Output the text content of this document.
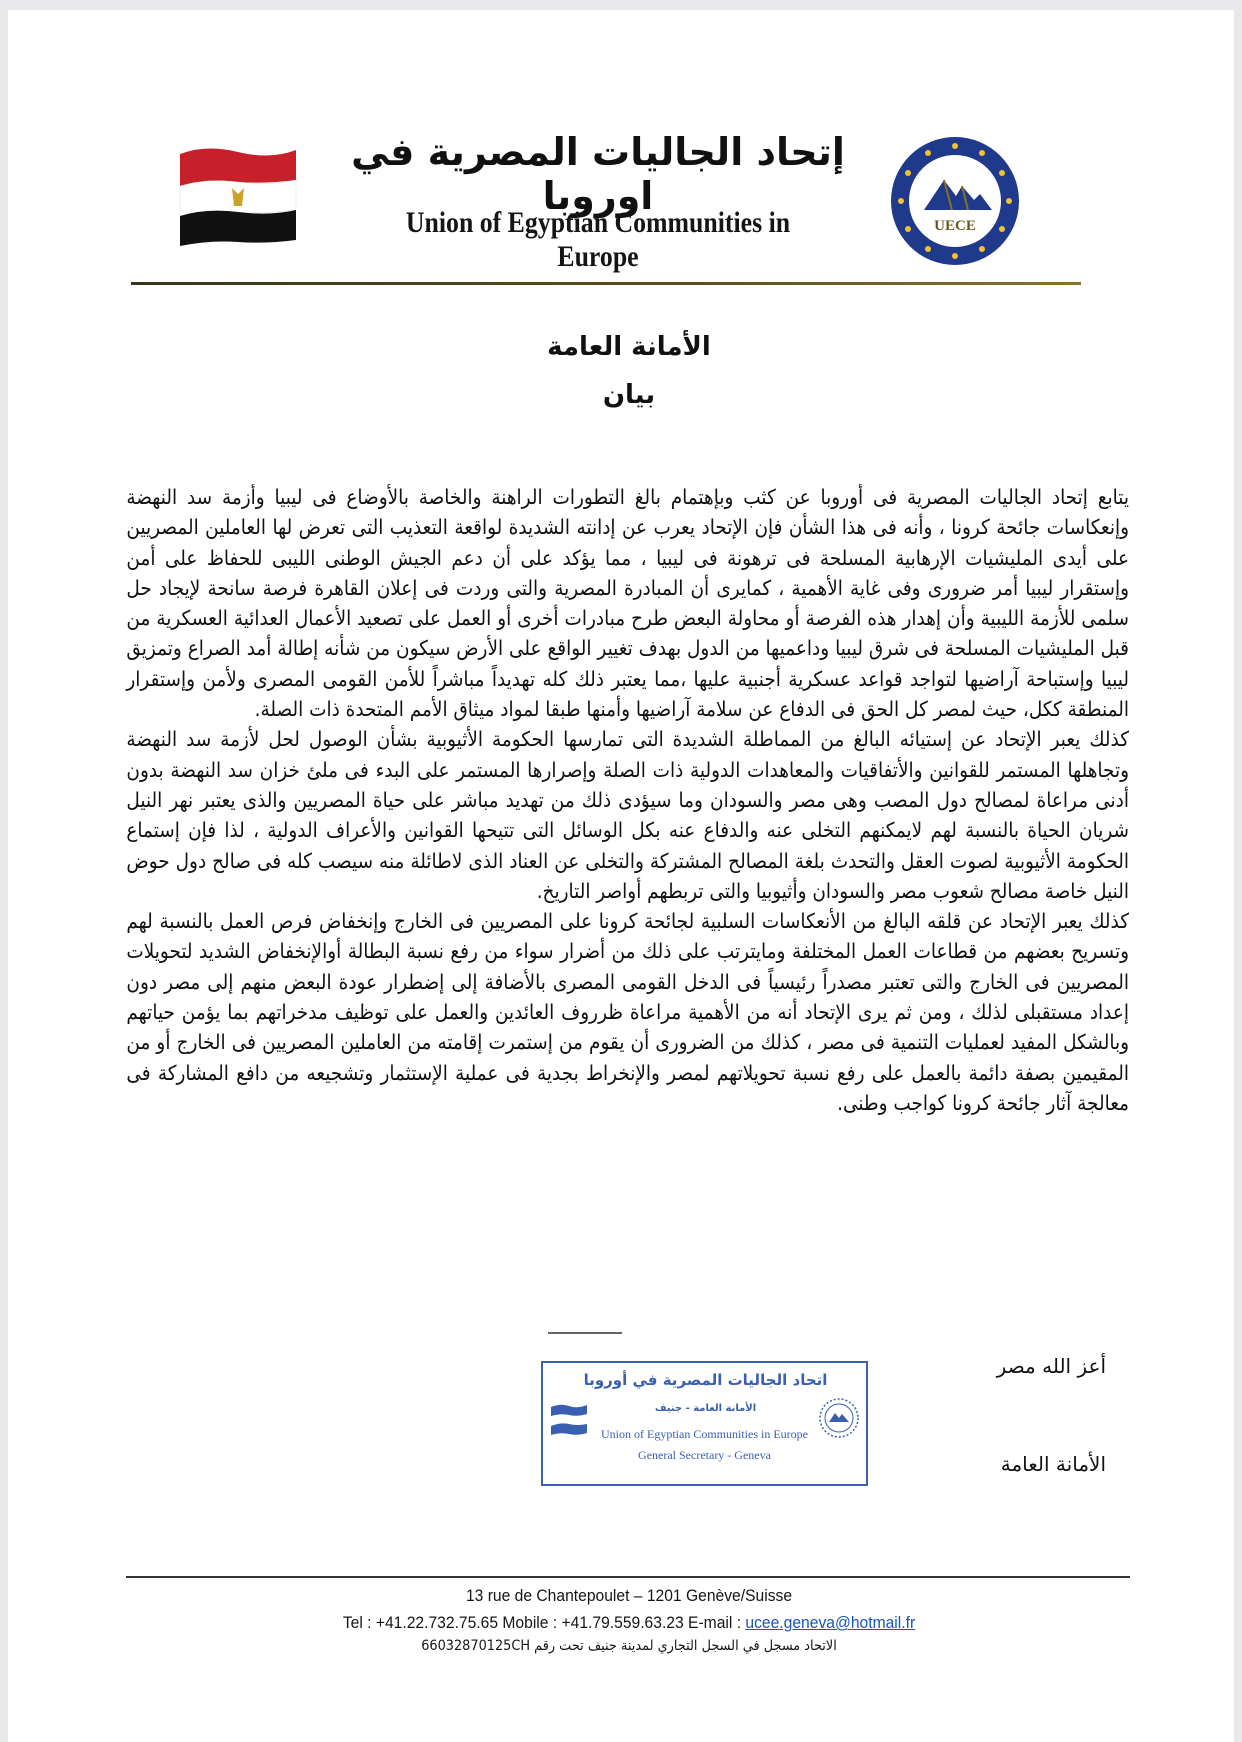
إتحاد الجاليات المصرية في اوروبا
Union of Egyptian Communities in Europe
UECE
الأمانة العامة
بيان

يتابع إتحاد الجاليات المصرية فى أوروبا عن كثب وبإهتمام بالغ التطورات الراهنة والخاصة بالأوضاع فى ليبيا وأزمة سد النهضة وإنعكاسات جائحة كرونا ، وأنه فى هذا الشأن فإن الإتحاد يعرب عن إدانته الشديدة لواقعة التعذيب التى تعرض لها العاملين المصريين على أيدى المليشيات الإرهابية المسلحة فى ترهونة فى ليبيا ، مما يؤكد على أن دعم الجيش الوطنى الليبى للحفاظ على أمن وإستقرار ليبيا أمر ضرورى وفى غاية الأهمية ، كمايرى أن المبادرة المصرية والتى وردت فى إعلان القاهرة فرصة سانحة لإيجاد حل سلمى للأزمة الليبية وأن إهدار هذه الفرصة أو محاولة البعض طرح مبادرات أخرى أو العمل على تصعيد الأعمال العدائية العسكرية من قبل المليشيات المسلحة فى شرق ليبيا وداعميها من الدول بهدف تغيير الواقع على الأرض سيكون من شأنه إطالة أمد الصراع وتمزيق ليبيا وإستباحة آراضيها لتواجد قواعد عسكرية أجنبية عليها ،مما يعتبر ذلك كله تهديداً مباشراً للأمن القومى المصرى ولأمن وإستقرار المنطقة ككل، حيث لمصر كل الحق فى الدفاع عن سلامة آراضيها وأمنها طبقا لمواد ميثاق الأمم المتحدة ذات الصلة.

كذلك يعبر الإتحاد عن إستيائه البالغ من المماطلة الشديدة التى تمارسها الحكومة الأثيوبية بشأن الوصول لحل لأزمة سد النهضة وتجاهلها المستمر للقوانين والأتفاقيات والمعاهدات الدولية ذات الصلة وإصرارها المستمر على البدء فى ملئ خزان سد النهضة بدون أدنى مراعاة لمصالح دول المصب وهى مصر والسودان وما سيؤدى ذلك من تهديد مباشر على حياة المصريين والذى يعتبر نهر النيل شريان الحياة بالنسبة لهم لايمكنهم التخلى عنه والدفاع عنه بكل الوسائل التى تتيحها القوانين والأعراف الدولية ، لذا فإن إستماع الحكومة الأثيوبية لصوت العقل والتحدث بلغة المصالح المشتركة والتخلى عن العناد الذى لاطائلة منه سيصب كله فى صالح دول حوض النيل خاصة مصالح شعوب مصر والسودان وأثيوبيا والتى تربطهم أواصر التاريخ.

كذلك يعبر الإتحاد عن قلقه البالغ من الأنعكاسات السلبية لجائحة كرونا على المصريين فى الخارج وإنخفاض فرص العمل بالنسبة لهم وتسريح بعضهم من قطاعات العمل المختلفة ومايترتب على ذلك من أضرار سواء من رفع نسبة البطالة أوالإنخفاض الشديد لتحويلات المصريين فى الخارج والتى تعتبر مصدراً رئيسياً فى الدخل القومى المصرى بالأضافة إلى إضطرار عودة البعض منهم إلى مصر دون إعداد مستقبلى لذلك ، ومن ثم يرى الإتحاد أنه من الأهمية مراعاة ظرروف العائدين والعمل على توظيف مدخراتهم بما يؤمن حياتهم وبالشكل المفيد لعمليات التنمية فى مصر ، كذلك من الضرورى أن يقوم من إستمرت إقامته من العاملين المصريين فى الخارج أو من المقيمين بصفة دائمة بالعمل على رفع نسبة تحويلاتهم لمصر والإنخراط بجدية فى عملية الإستثمار وتشجيعه من دافع المشاركة فى معالجة آثار جائحة كرونا كواجب وطنى.

أعز الله مصر
الأمانة العامة
اتحاد الجاليات المصرية في أوروبا
الأمانة العامة - جنيف
Union of Egyptian Communities in Europe
General Secretary - Geneva
13 rue de Chantepoulet – 1201 Genève/Suisse
Tel : +41.22.732.75.65 Mobile : +41.79.559.63.23 E-mail : ucee.geneva@hotmail.fr
الاتحاد مسجل في السجل التجاري لمدينة جنيف تحت رقم 66032870125CH
